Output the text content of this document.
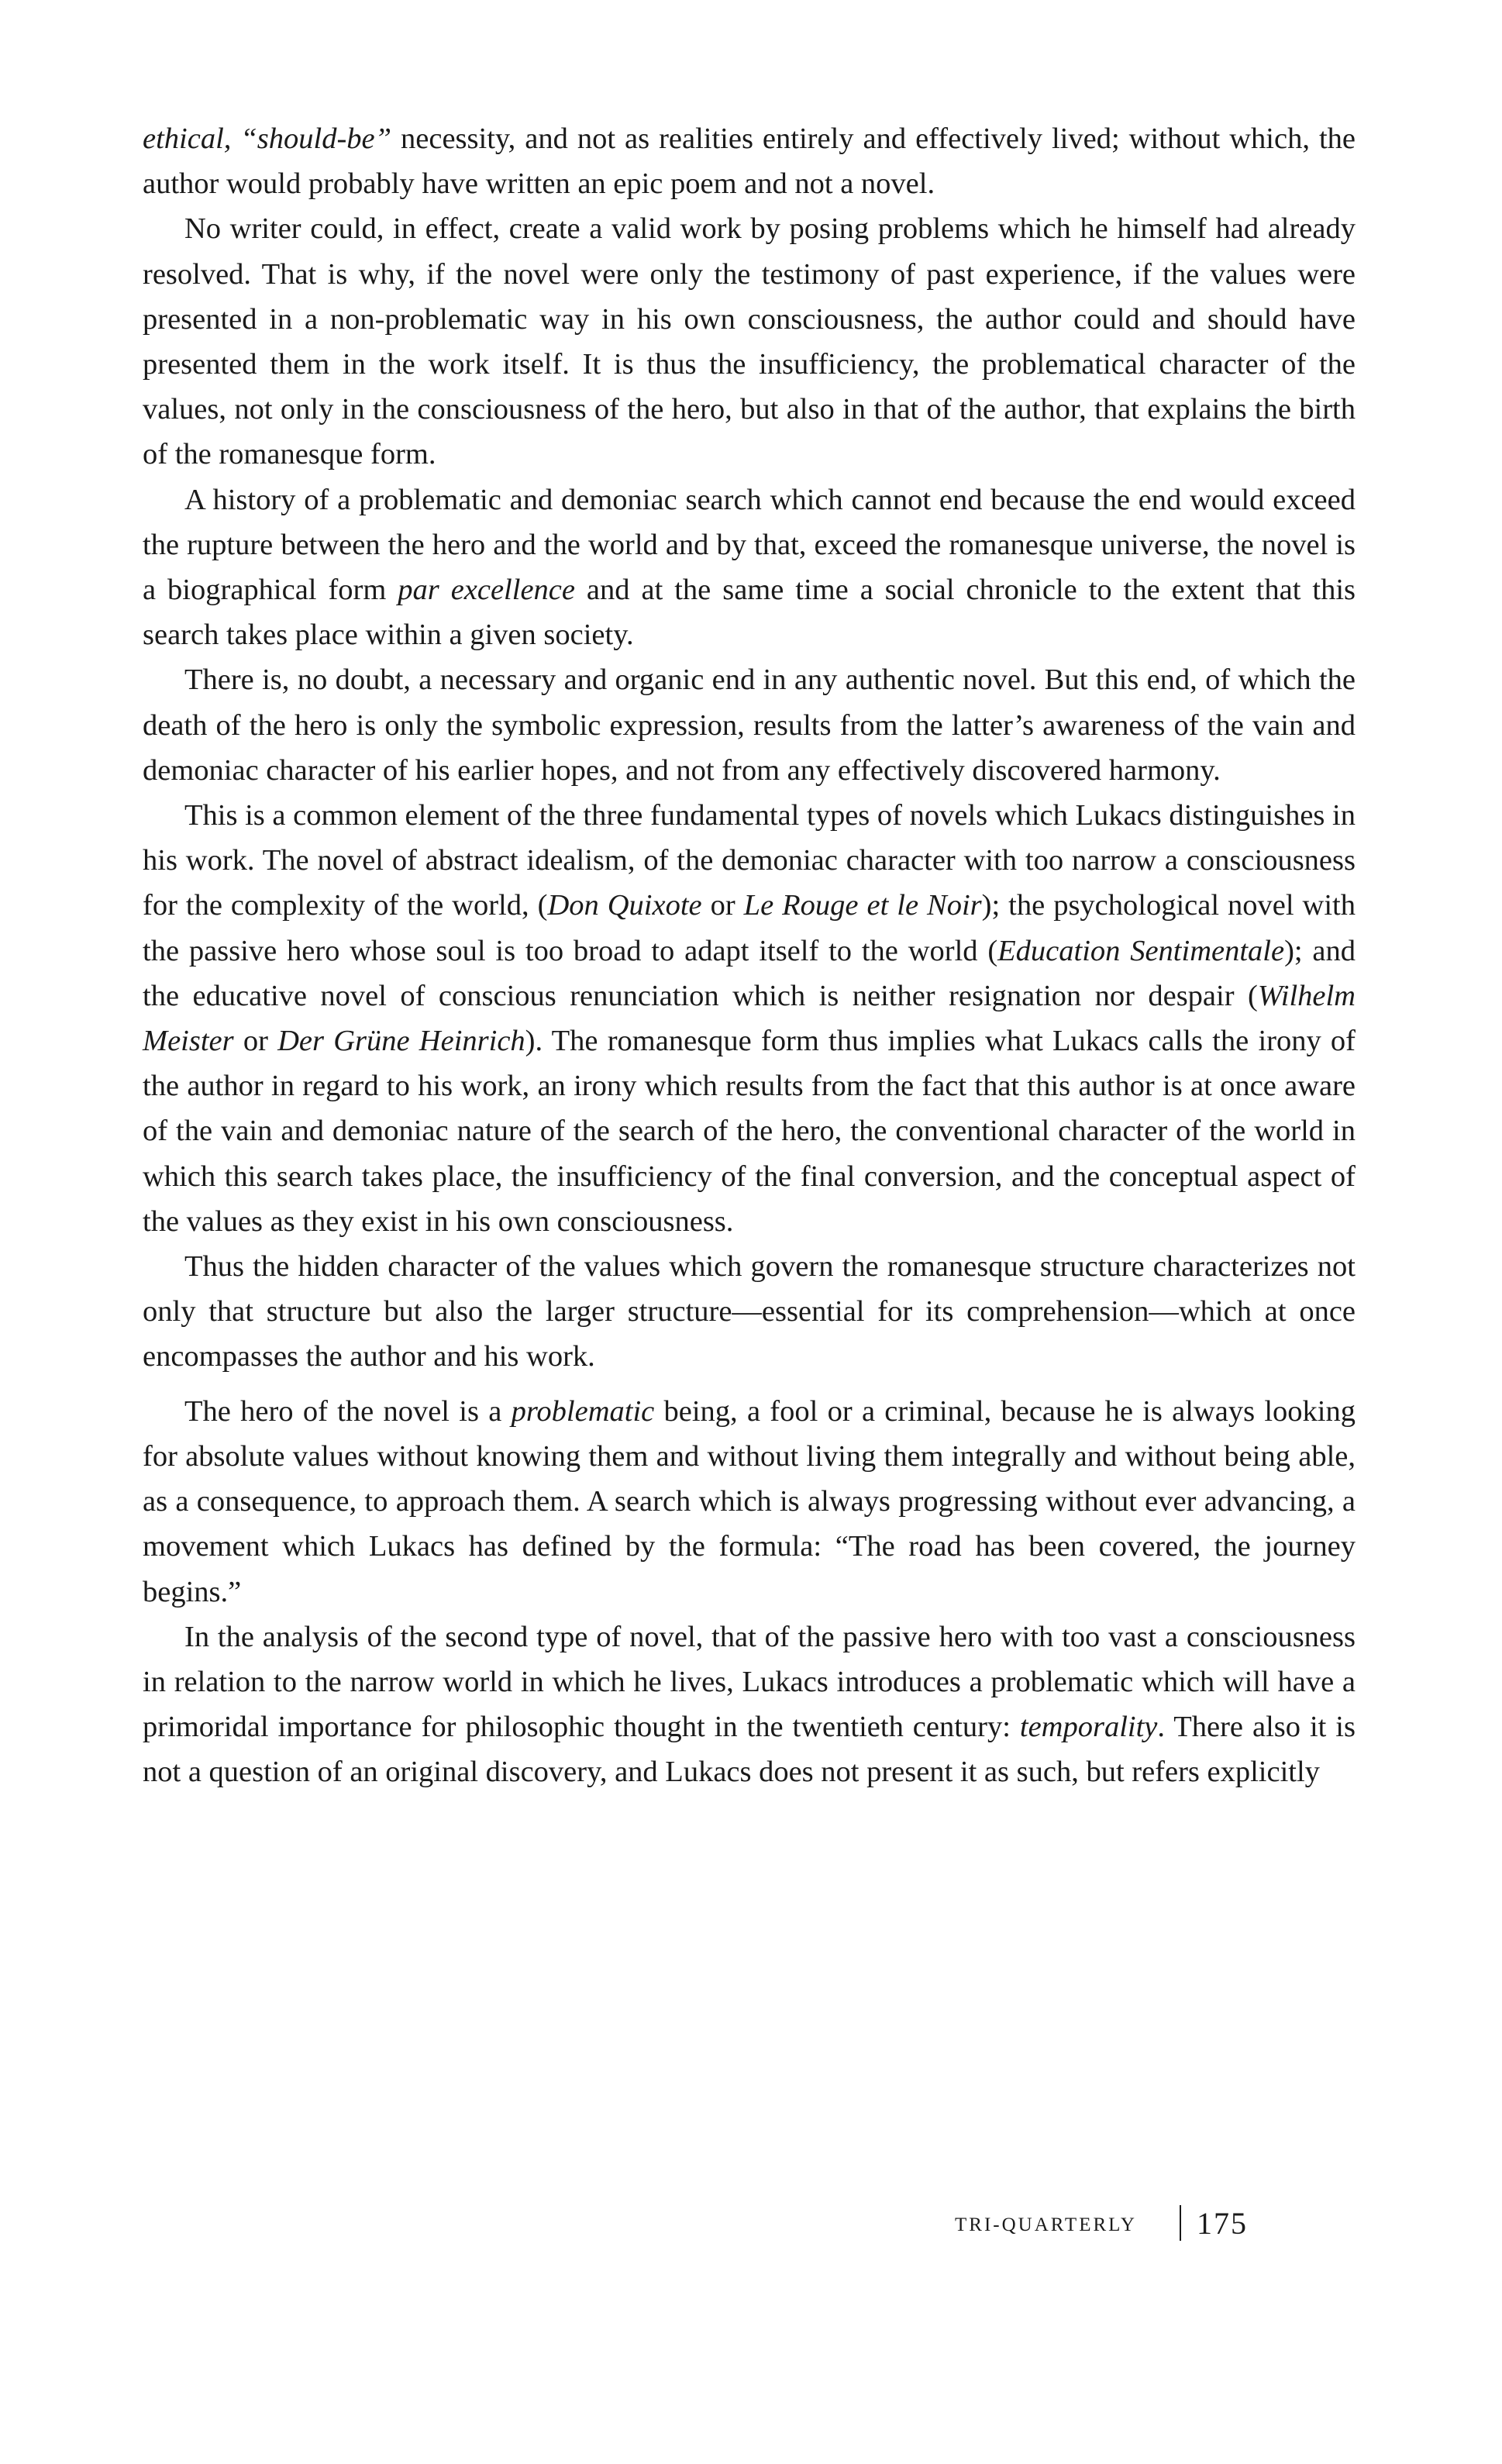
ethical, “should-be” necessity, and not as realities entirely and effectively lived; without which, the author would probably have written an epic poem and not a novel.

No writer could, in effect, create a valid work by posing problems which he himself had already resolved. That is why, if the novel were only the testimony of past experience, if the values were presented in a non-problematic way in his own consciousness, the author could and should have presented them in the work itself. It is thus the insufficiency, the problematical character of the values, not only in the consciousness of the hero, but also in that of the author, that explains the birth of the romanesque form.

A history of a problematic and demoniac search which cannot end because the end would exceed the rupture between the hero and the world and by that, exceed the romanesque universe, the novel is a biographical form par excellence and at the same time a social chronicle to the extent that this search takes place within a given society.

There is, no doubt, a necessary and organic end in any authentic novel. But this end, of which the death of the hero is only the symbolic expression, results from the latter’s awareness of the vain and demoniac character of his earlier hopes, and not from any effectively discovered harmony.

This is a common element of the three fundamental types of novels which Lukacs distinguishes in his work. The novel of abstract idealism, of the demoniac character with too narrow a consciousness for the complexity of the world, (Don Quixote or Le Rouge et le Noir); the psychological novel with the passive hero whose soul is too broad to adapt itself to the world (Education Sentimentale); and the educative novel of conscious renunciation which is neither resignation nor despair (Wilhelm Meister or Der Grüne Heinrich). The romanesque form thus implies what Lukacs calls the irony of the author in regard to his work, an irony which results from the fact that this author is at once aware of the vain and demoniac nature of the search of the hero, the conventional character of the world in which this search takes place, the insufficiency of the final conversion, and the conceptual aspect of the values as they exist in his own consciousness.

Thus the hidden character of the values which govern the romanesque structure characterizes not only that structure but also the larger structure—essential for its comprehension—which at once encompasses the author and his work.

The hero of the novel is a problematic being, a fool or a criminal, because he is always looking for absolute values without knowing them and without living them integrally and without being able, as a consequence, to approach them. A search which is always progressing without ever advancing, a movement which Lukacs has defined by the formula: “The road has been covered, the journey begins.”

In the analysis of the second type of novel, that of the passive hero with too vast a consciousness in relation to the narrow world in which he lives, Lukacs introduces a problematic which will have a primoridal importance for philosophic thought in the twentieth century: temporality. There also it is not a question of an original discovery, and Lukacs does not present it as such, but refers explicitly

TRI-QUARTERLY 175
